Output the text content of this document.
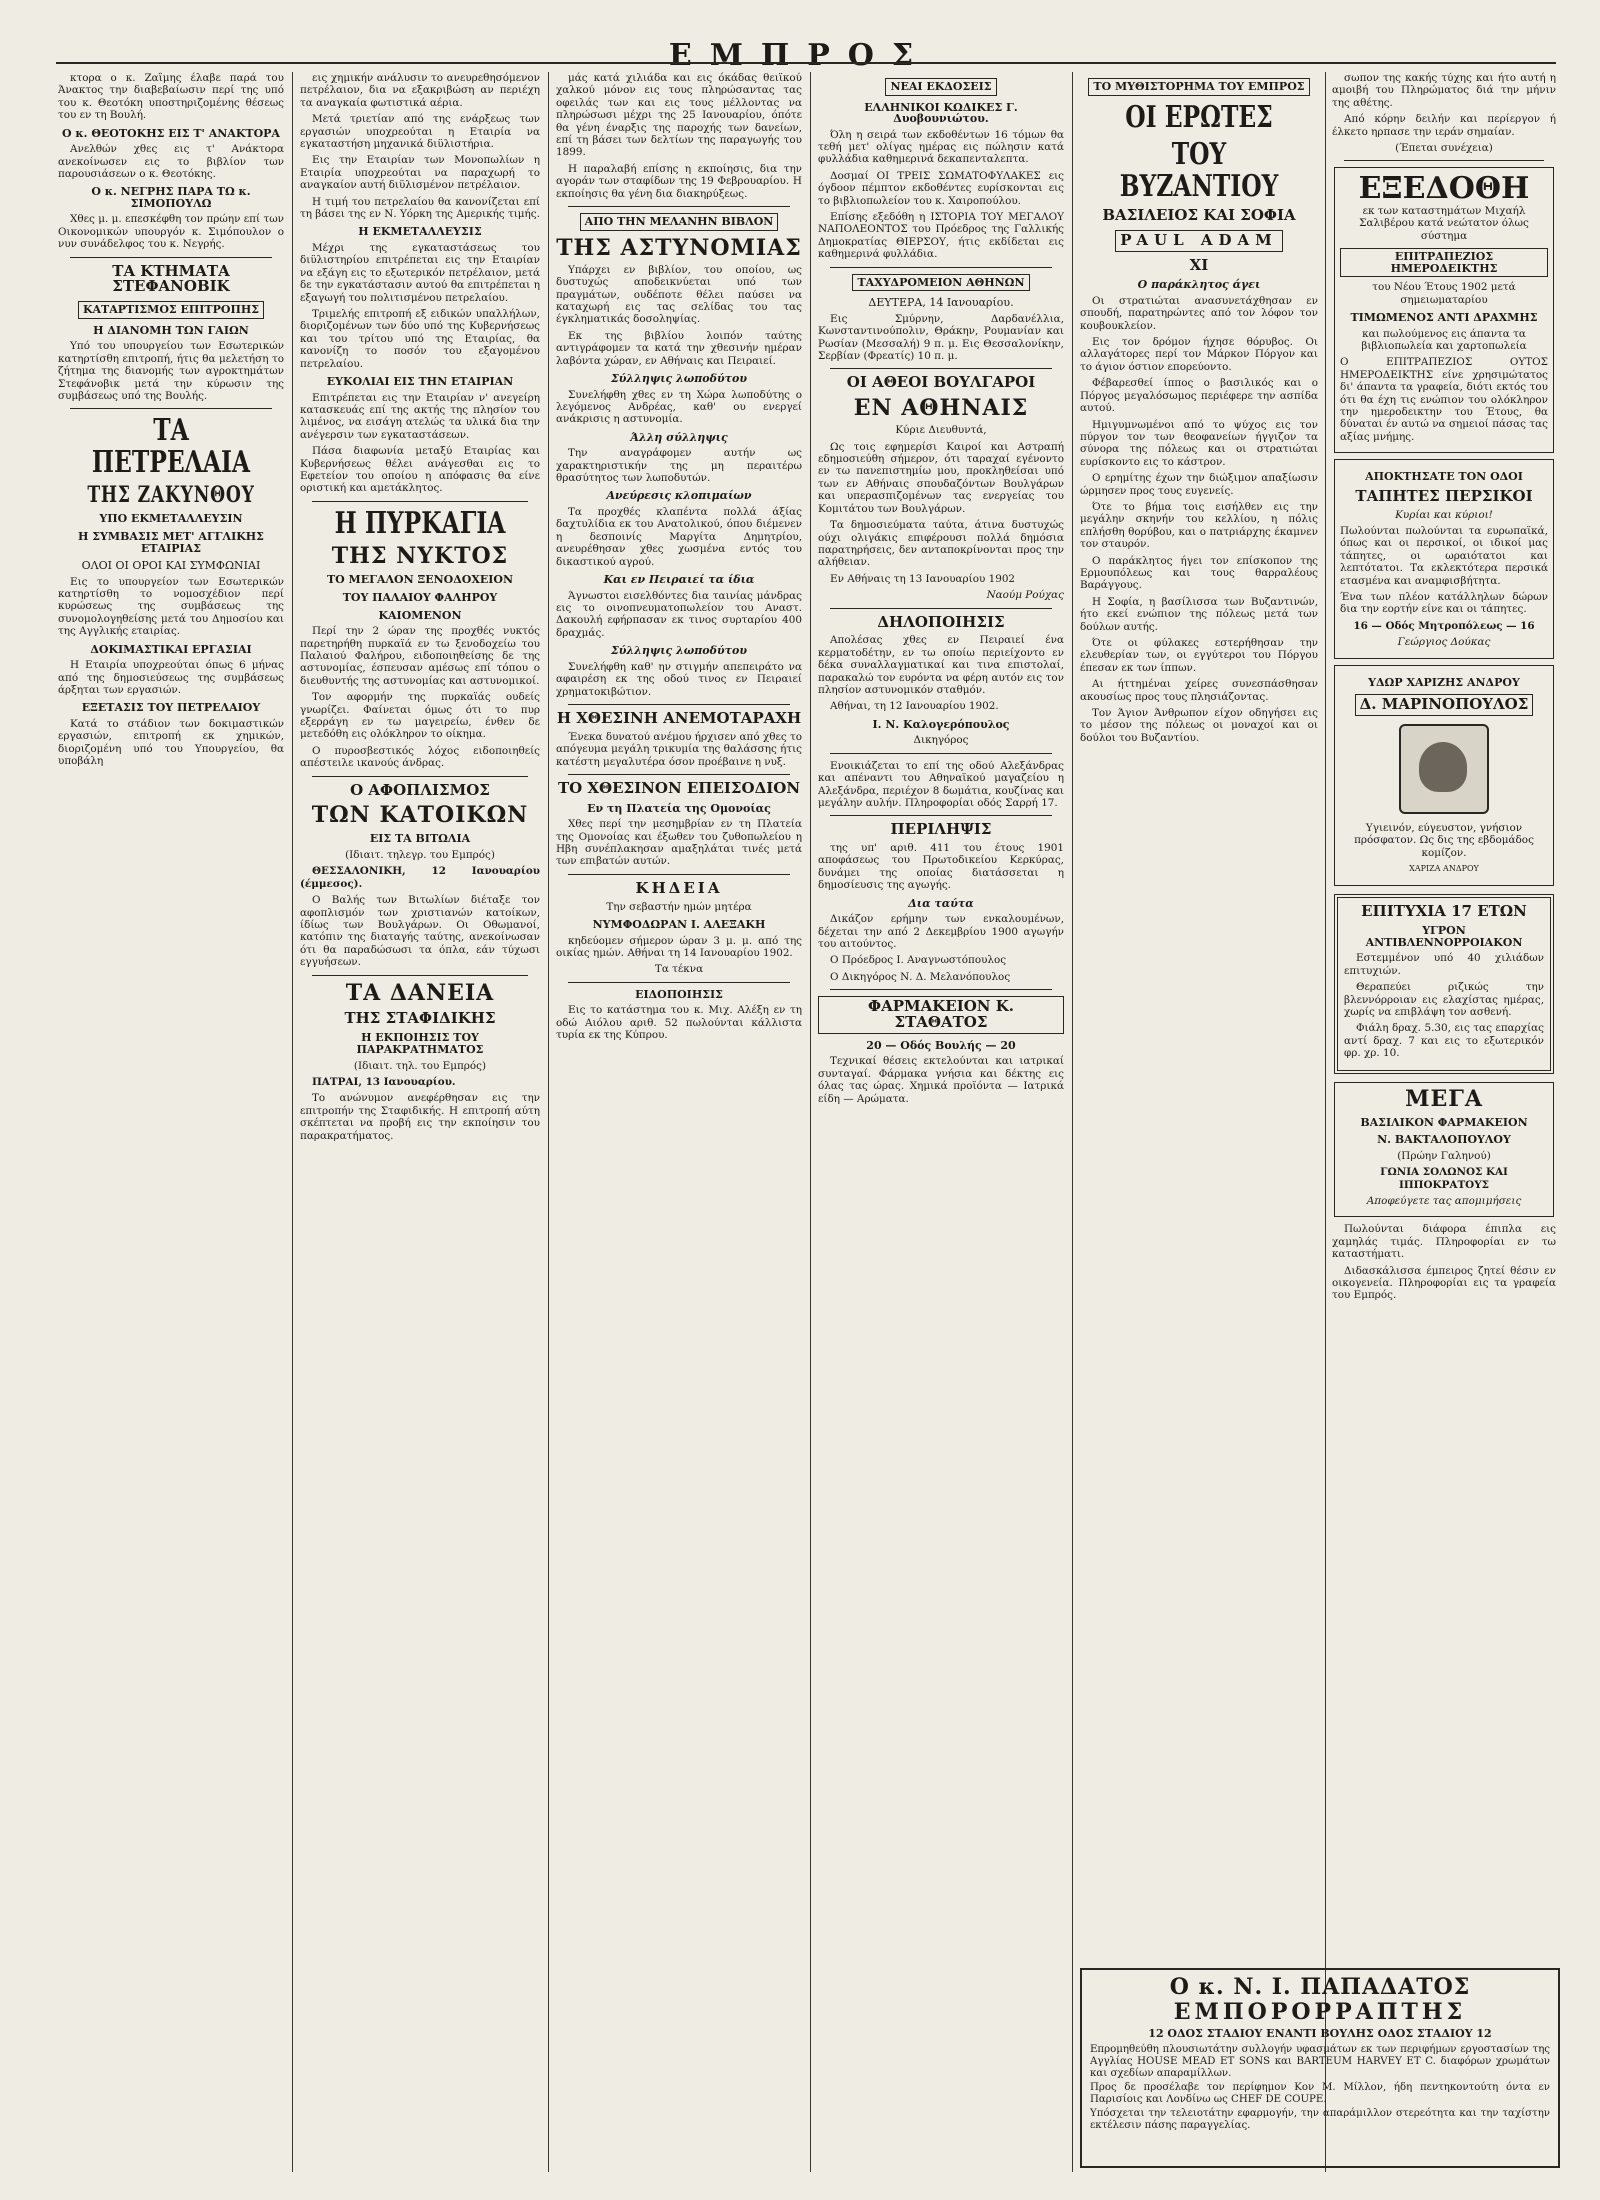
ΕΜΠΡΟΣ

κτορα ο κ. Ζαΐμης έλαβε παρά του Άνακτος την διαβεβαίωσιν περί της υπό του κ. Θεοτόκη υποστηριζομένης θέσεως του εν τη Βουλή.

Ο κ. ΘΕΟΤΟΚΗΣ ΕΙΣ Τ' ΑΝΑΚΤΟΡΑ

Ανελθών χθες εις τ' Ανάκτορα ανεκοίνωσεν εις το βιβλίον των παρουσιάσεων ο κ. Θεοτόκης.

Ο κ. ΝΕΓΡΗΣ ΠΑΡΑ ΤΩ κ. ΣΙΜΟΠΟΥΛΩ

Χθες μ. μ. επεσκέφθη τον πρώην επί των Οικονομικών υπουργόν κ. Σιμόπουλον ο νυν συνάδελφος του κ. Νεγρής.

ΤΑ ΚΤΗΜΑΤΑ ΣΤΕΦΑΝΟΒΙΚ
ΚΑΤΑΡΤΙΣΜΟΣ ΕΠΙΤΡΟΠΗΣ
Η ΔΙΑΝΟΜΗ ΤΩΝ ΓΑΙΩΝ

Υπό του υπουργείου των Εσωτερικών κατηρτίσθη επιτροπή, ήτις θα μελετήση το ζήτημα της διανομής των αγροκτημάτων Στεφάνοβικ μετά την κύρωσιν της συμβάσεως υπό της Βουλής.

ΤΑ ΠΕΤΡΕΛΑΙΑ
ΤΗΣ ΖΑΚΥΝΘΟΥ
ΥΠΟ ΕΚΜΕΤΑΛΛΕΥΣΙΝ
Η ΣΥΜΒΑΣΙΣ ΜΕΤ' ΑΓΓΛΙΚΗΣ ΕΤΑΙΡΙΑΣ
ΟΛΟΙ ΟΙ ΟΡΟΙ ΚΑΙ ΣΥΜΦΩΝΙΑΙ

Εις το υπουργείον των Εσωτερικών κατηρτίσθη το νομοσχέδιον περί κυρώσεως της συμβάσεως της συνομολογηθείσης μετά του Δημοσίου και της Αγγλικής εταιρίας.

ΔΟΚΙΜΑΣΤΙΚΑΙ ΕΡΓΑΣΙΑΙ

Η Εταιρία υποχρεούται όπως 6 μήνας από της δημοσιεύσεως της συμβάσεως άρξηται των εργασιών.

ΕΞΕΤΑΣΙΣ ΤΟΥ ΠΕΤΡΕΛΑΙΟΥ

Κατά το στάδιον των δοκιμαστικών εργασιών, επιτροπή εκ χημικών, διοριζομένη υπό του Υπουργείου, θα υποβάλη

εις χημικήν ανάλυσιν το ανευρεθησόμενον πετρέλαιον, δια να εξακριβώση αν περιέχη τα αναγκαία φωτιστικά αέρια.

Μετά τριετίαν από της ενάρξεως των εργασιών υποχρεούται η Εταιρία να εγκαταστήση μηχανικά διϋλιστήρια.

Εις την Εταιρίαν των Μονοπωλίων η Εταιρία υποχρεούται να παραχωρή το αναγκαίον αυτή διϋλισμένον πετρέλαιον.

Η τιμή του πετρελαίου θα κανονίζεται επί τη βάσει της εν Ν. Υόρκη της Αμερικής τιμής.

Η ΕΚΜΕΤΑΛΛΕΥΣΙΣ

Μέχρι της εγκαταστάσεως του διϋλιστηρίου επιτρέπεται εις την Εταιρίαν να εξάγη εις το εξωτερικόν πετρέλαιον, μετά δε την εγκατάστασιν αυτού θα επιτρέπεται η εξαγωγή του πολιτισμένου πετρελαίου.

Τριμελής επιτροπή εξ ειδικών υπαλλήλων, διοριζομένων των δύο υπό της Κυβερνήσεως και του τρίτου υπό της Εταιρίας, θα κανονίζη το ποσόν του εξαγομένου πετρελαίου.

ΕΥΚΟΛΙΑΙ ΕΙΣ ΤΗΝ ΕΤΑΙΡΙΑΝ

Επιτρέπεται εις την Εταιρίαν ν' ανεγείρη κατασκευάς επί της ακτής της πλησίον του λιμένος, να εισάγη ατελώς τα υλικά δια την ανέγερσιν των εγκαταστάσεων.

Πάσα διαφωνία μεταξύ Εταιρίας και Κυβερνήσεως θέλει ανάγεσθαι εις το Εφετείον του οποίου η απόφασις θα είνε οριστική και αμετάκλητος.

Η ΠΥΡΚΑΓΙΑ
ΤΗΣ ΝΥΚΤΟΣ
ΤΟ ΜΕΓΑΛΟΝ ΞΕΝΟΔΟΧΕΙΟΝ
ΤΟΥ ΠΑΛΑΙΟΥ ΦΑΛΗΡΟΥ
ΚΑΙΟΜΕΝΟΝ

Περί την 2 ώραν της προχθές νυκτός παρετηρήθη πυρκαϊά εν τω ξενοδοχείω του Παλαιού Φαλήρου, ειδοποιηθείσης δε της αστυνομίας, έσπευσαν αμέσως επί τόπου ο διευθυντής της αστυνομίας και αστυνομικοί.

Τον αφορμήν της πυρκαϊάς ουδείς γνωρίζει. Φαίνεται όμως ότι το πυρ εξερράγη εν τω μαγειρείω, ένθεν δε μετεδόθη εις ολόκληρον το οίκημα.

Ο πυροσβεστικός λόχος ειδοποιηθείς απέστειλε ικανούς άνδρας.

Ο ΑΦΟΠΛΙΣΜΟΣ
ΤΩΝ ΚΑΤΟΙΚΩΝ
ΕΙΣ ΤΑ ΒΙΤΩΛΙΑ

(Ιδιαιτ. τηλεγρ. του Εμπρός)

ΘΕΣΣΑΛΟΝΙΚΗ, 12 Ιανουαρίου (έμμεσος).

Ο Βαλής των Βιτωλίων διέταξε τον αφοπλισμόν των χριστιανών κατοίκων, ίδίως των Βουλγάρων. Οι Οθωμανοί, κατόπιν της διαταγής ταύτης, ανεκοίνωσαν ότι θα παραδώσωσι τα όπλα, εάν τύχωσι εγγυήσεων.

ΤΑ ΔΑΝΕΙΑ
ΤΗΣ ΣΤΑΦΙΔΙΚΗΣ
Η ΕΚΠΟΙΗΣΙΣ ΤΟΥ ΠΑΡΑΚΡΑΤΗΜΑΤΟΣ

(Ιδιαιτ. τηλ. του Εμπρός)

ΠΑΤΡΑΙ, 13 Ιανουαρίου.

Το ανώνυμον ανεφέρθησαν εις την επιτροπήν της Σταφιδικής. Η επιτροπή αύτη σκέπτεται να προβή εις την εκποίησιν του παρακρατήματος.

μάς κατά χιλιάδα και εις όκάδας θειϊκού χαλκού μόνον εις τους πληρώσαντας τας οφειλάς των και εις τους μέλλοντας να πληρώσωσι μέχρι της 25 Ιανουαρίου, όπότε θα γένη έναρξις της παροχής των δανείων, επί τη βάσει των δελτίων της παραγωγής του 1899.

Η παραλαβή επίσης η εκποίησις, δια την αγοράν των σταφίδων της 19 Φεβρουαρίου. Η εκποίησις θα γένη δια διακηρύξεως.

ΑΠΟ ΤΗΝ ΜΕΛΑΝΗΝ ΒΙΒΛΟΝ
ΤΗΣ ΑΣΤΥΝΟΜΙΑΣ

Υπάρχει εν βιβλίον, του οποίου, ως δυστυχώς αποδεικνύεται υπό των πραγμάτων, ουδέποτε θέλει παύσει να καταχωρή εις τας σελίδας του τας έγκληματικάς δοσοληψίας.

Εκ της βιβλίου λοιπόν ταύτης αντιγράφομεν τα κατά την χθεσινήν ημέραν λαβόντα χώραν, εν Αθήναις και Πειραιεί.

Σύλληψις λωποδύτου

Συνελήφθη χθες εν τη Χώρα λωποδύτης ο λεγόμενος Ανδρέας, καθ' ου ενεργεί ανάκρισις η αστυνομία.

Άλλη σύλληψις

Την αναγράφομεν αυτήν ως χαρακτηριστικήν της μη περαιτέρω θρασύτητος των λωποδυτών.

Ανεύρεσις κλοπιμαίων

Τα προχθές κλαπέντα πολλά άξίας δαχτυλίδια εκ του Ανατολικού, όπου διέμενεν η δεσποινίς Μαργίτα Δημητρίου, ανευρέθησαν χθες χωσμένα εντός του δικαστικού αγρού.

Και εν Πειραιεί τα ίδια

Άγνωστοι εισελθόντες δια ταινίας μάνδρας εις το οινοπνευματοπωλείον του Αναστ. Δακουλή εφήρπασαν εκ τινος συρταρίου 400 δραχμάς.

Σύλληψις λωποδύτου

Συνελήφθη καθ' ην στιγμήν απεπειράτο να αφαιρέση εκ της οδού τινος εν Πειραιεί χρηματοκιβώτιον.

Η ΧΘΕΣΙΝΗ ΑΝΕΜΟΤΑΡΑΧΗ

Ένεκα δυνατού ανέμου ήρχισεν από χθες το απόγευμα μεγάλη τρικυμία της θαλάσσης ήτις κατέστη μεγαλυτέρα όσον προέβαινε η νυξ.

ΤΟ ΧΘΕΣΙΝΟΝ ΕΠΕΙΣΟΔΙΟΝ
Εν τη Πλατεία της Ομονοίας

Χθες περί την μεσημβρίαν εν τη Πλατεία της Ομονοίας και έξωθεν του ζυθοπωλείου η Ηβη συνέπλακησαν αμαξηλάται τινές μετά των επιβατών αυτών.

ΚΗΔΕΙΑ

Την σεβαστήν ημών μητέρα

ΝΥΜΦΟΔΩΡΑΝ Ι. ΑΛΕΞΑΚΗ

κηδεύομεν σήμερον ώραν 3 μ. μ. από της οικίας ημών. Αθήναι τη 14 Ιανουαρίου 1902.

Τα τέκνα

ΕΙΔΟΠΟΙΗΣΙΣ

Εις το κατάστημα του κ. Μιχ. Αλέξη εν τη οδώ Αιόλου αριθ. 52 πωλούνται κάλλιστα τυρία εκ της Κύπρου.

ΝΕΑΙ ΕΚΔΟΣΕΙΣ
ΕΛΛΗΝΙΚΟΙ ΚΩΔΙΚΕΣ Γ. Δυοβουνιώτου.

Όλη η σειρά των εκδοθέντων 16 τόμων θα τεθή μετ' ολίγας ημέρας εις πώλησιν κατά φυλλάδια καθημερινά δεκαπενταλεπτα.

Δοσμαί ΟΙ ΤΡΕΙΣ ΣΩΜΑΤΟΦΥΛΑΚΕΣ εις όγδοον πέμπτον εκδοθέντες ευρίσκονται εις το βιβλιοπωλείον του κ. Χαιροπούλου.

Επίσης εξεδόθη η ΙΣΤΟΡΙΑ ΤΟΥ ΜΕΓΑΛΟΥ ΝΑΠΟΛΕΟΝΤΟΣ του Πρόεδρος της Γαλλικής Δημοκρατίας ΘΙΕΡΣΟΥ, ήτις εκδίδεται εις καθημερινά φυλλάδια.

ΤΑΧΥΔΡΟΜΕΙΟΝ ΑΘΗΝΩΝ
ΔΕΥΤΕΡΑ, 14 Ιανουαρίου.

Εις Σμύρνην, Δαρδανέλλια, Κωνσταντινούπολιν, Θράκην, Ρουμανίαν και Ρωσίαν (Μεσσαλή) 9 π. μ. Εις Θεσσαλονίκην, Σερβίαν (Φρεατίς) 10 π. μ.

ΟΙ ΑΘΕΟΙ ΒΟΥΛΓΑΡΟΙ
ΕΝ ΑΘΗΝΑΙΣ

Κύριε Διευθυντά,

Ως τοις εφημερίσι Καιροί και Αστραπή εδημοσιεύθη σήμερον, ότι ταραχαί εγένοντο εν τω πανεπιστημίω μου, προκληθείσαι υπό των εν Αθήναις σπουδαζόντων Βουλγάρων και υπερασπιζομένων τας ενεργείας του Κομιτάτου των Βουλγάρων.

Τα δημοσιεύματα ταύτα, άτινα δυστυχώς ούχι ολιγάκις επιφέρουσι πολλά δημόσια παρατηρήσεις, δεν ανταποκρίνονται προς την αλήθειαν.

Εν Αθήναις τη 13 Ιανουαρίου 1902

Ναούμ Ρούχας

ΔΗΛΟΠΟΙΗΣΙΣ

Απολέσας χθες εν Πειραιεί ένα κερματοδέτην, εν τω οποίω περιείχοντο εν δέκα συναλλαγματικαί και τινα επιστολαί, παρακαλώ τον ευρόντα να φέρη αυτόν εις τον πλησίον αστυνομικόν σταθμόν.

Αθήναι, τη 12 Ιανουαρίου 1902.

Ι. Ν. Καλογερόπουλος

Δικηγόρος

Ενοικιάζεται το επί της οδού Αλεξάνδρας και απέναντι του Αθηναϊκού μαγαζείου η Αλεξάνδρα, περιέχον 8 δωμάτια, κουζίνας και μεγάλην αυλήν. Πληροφορίαι οδός Σαρρή 17.

ΠΕΡΙΛΗΨΙΣ

της υπ' αριθ. 411 του έτους 1901 αποφάσεως του Πρωτοδικείου Κερκύρας, δυνάμει της οποίας διατάσσεται η δημοσίευσις της αγωγής.

Δια ταύτα

Δικάζον ερήμην των ενκαλουμένων, δέχεται την από 2 Δεκεμβρίου 1900 αγωγήν του αιτούντος.

Ο Πρόεδρος Ι. Αναγνωστόπουλος

Ο Δικηγόρος Ν. Δ. Μελανόπουλος

ΦΑΡΜΑΚΕΙΟΝ Κ. ΣΤΑΘΑΤΟΣ
20 — Οδός Βουλής — 20

Τεχνικαί θέσεις εκτελούνται και ιατρικαί συνταγαί. Φάρμακα γνήσια και δέκτης εις όλας τας ώρας. Χημικά προϊόντα — Ιατρικά είδη — Αρώματα.

ΤΟ ΜΥΘΙΣΤΟΡΗΜΑ ΤΟΥ ΕΜΠΡΟΣ
ΟΙ ΕΡΩΤΕΣ
ΤΟΥ ΒΥΖΑΝΤΙΟΥ
ΒΑΣΙΛΕΙΟΣ ΚΑΙ ΣΟΦΙΑ
PAUL ADAM
ΧΙ
Ο παράκλητος άγει

Οι στρατιώται ανασυνετάχθησαν εν σπουδή, παρατηρώντες από τον λόφον τον κουβουκλείον.

Εις τον δρόμον ήχησε θόρυβος. Οι αλλαγάτορες περί τον Μάρκον Πόργον και το άγιον όστιον επορεύοντο.

Φέβαρεσθεί ίππος ο βασιλικός και ο Πόργος μεγαλόσωμος περιέφερε την ασπίδα αυτού.

Ημιγυμνωμένοι από το ψύχος εις τον πύργον τον των θεοφανείων ήγγιζον τα σύνορα της πόλεως και οι στρατιώται ευρίσκοντο εις το κάστρον.

Ο ερημίτης έχων την διώξιμον απαξίωσιν ώρμησεν προς τους ευγενείς.

Ότε το βήμα τοις εισήλθεν εις την μεγάλην σκηνήν του κελλίου, η πόλις επλήσθη θορύβου, και ο πατριάρχης έκαμνεν τον σταυρόν.

Ο παράκλητος ήγει τον επίσκοπον της Ερμουπόλεως και τους θαρραλέους Βαράγγους.

Η Σοφία, η βασίλισσα των Βυζαντινών, ήτο εκεί ενώπιον της πόλεως μετά των δούλων αυτής.

Ότε οι φύλακες εστερήθησαν την ελευθερίαν των, οι εγγύτεροι του Πόργου έπεσαν εκ των ίππων.

Αι ήττημέναι χείρες συνεσπάσθησαν ακουσίως προς τους πλησιάζοντας.

Τον Άγιον Άνθρωπον είχον οδηγήσει εις το μέσον της πόλεως οι μοναχοί και οι δούλοι του Βυζαντίου.

σωπον της κακής τύχης και ήτο αυτή η αμοιβή του Πληρώματος διά την μήνιν της αθέτης.

Από κόρην δειλήν και περίεργον ή έλκετο ηρπασε την ιεράν σημαίαν.

(Έπεται συνέχεια)

ΕΞΕΔΟΘΗ

εκ των καταστημάτων Μιχαήλ Σαλιβέρου κατά νεώτατον όλως σύστημα

ΕΠΙΤΡΑΠΕΖΙΟΣ ΗΜΕΡΟΔΕΙΚΤΗΣ

του Νέου Έτους 1902 μετά σημειωματαρίου

ΤΙΜΩΜΕΝΟΣ ΑΝΤΙ ΔΡΑΧΜΗΣ

και πωλούμενος εις άπαντα τα βιβλιοπωλεία και χαρτοπωλεία

Ο ΕΠΙΤΡΑΠΕΖΙΟΣ ΟΥΤΟΣ ΗΜΕΡΟΔΕΙΚΤΗΣ είνε χρησιμώτατος δι' άπαντα τα γραφεία, διότι εκτός του ότι θα έχη τις ενώπιον του ολόκληρον την ημεροδεικτην του Έτους, θα δύναται έν αυτώ να σημειοί πάσας τας αξίας μνήμης.

ΑΠΟΚΤΗΣΑΤΕ ΤΟΝ ΟΔΟΙ
ΤΑΠΗΤΕΣ ΠΕΡΣΙΚΟΙ

Κυρίαι και κύριοι!

Πωλούνται πωλούνται τα ευρωπαϊκά, όπως και οι περσικοί, οι ιδικοί μας τάπητες, οι ωραιότατοι και λεπτότατοι. Τα εκλεκτότερα περσικά ετασμένα και αναμφισβήτητα.

Ένα των πλέον κατάλληλων δώρων δια την εορτήν είνε και οι τάπητες.

16 — Οδός Μητροπόλεως — 16

Γεώργιος Δούκας

ΥΔΩΡ ΧΑΡΙΖΗΣ ΑΝΔΡΟΥ
Δ. ΜΑΡΙΝΟΠΟΥΛΟΣ

Υγιεινόν, εύγευστον, γνήσιον πρόσφατον. Ως δις της εβδομάδος κομίζον.

ΧΑΡΙΖΑ ΑΝΔΡΟΥ

ΕΠΙΤΥΧΙΑ 17 ΕΤΩΝ
ΥΓΡΟΝ ΑΝΤΙΒΛΕΝΝΟΡΡΟΙΑΚΟΝ

Εστεμμένον υπό 40 χιλιάδων επιτυχιών.

Θεραπεύει ριζικώς την βλεννόρροιαν εις ελαχίστας ημέρας, χωρίς να επιβλάψη τον ασθενή.

Φιάλη δραχ. 5.30, εις τας επαρχίας αντί δραχ. 7 και εις το εξωτερικόν φρ. χρ. 10.

ΜΕΓΑ
ΒΑΣΙΛΙΚΟΝ ΦΑΡΜΑΚΕΙΟΝ
Ν. ΒΑΚΤΑΛΟΠΟΥΛΟΥ

(Πρώην Γαληνού)

ΓΩΝΙΑ ΣΟΛΩΝΟΣ ΚΑΙ ΙΠΠΟΚΡΑΤΟΥΣ

Αποφεύγετε τας απομιμήσεις

Πωλούνται διάφορα έπιπλα εις χαμηλάς τιμάς. Πληροφορίαι εν τω καταστήματι.

Διδασκάλισσα έμπειρος ζητεί θέσιν εν οικογενεία. Πληροφορίαι εις τα γραφεία του Εμπρός.

Ο κ. Ν. Ι. ΠΑΠΑΔΑΤΟΣ
ΕΜΠΟΡΟΡΡΑΠΤΗΣ
12 ΟΔΟΣ ΣΤΑΔΙΟΥ ΕΝΑΝΤΙ ΒΟΥΛΗΣ ΟΔΟΣ ΣΤΑΔΙΟΥ 12

Επρομηθεύθη πλουσιωτάτην συλλογήν υφασμάτων εκ των περιφήμων εργοστασίων της Αγγλίας HOUSE MEAD ET SONS και BARTEUM HARVEY ET C. διαφόρων χρωμάτων και σχεδίων απαραμίλλων.

Προς δε προσέλαβε τον περίφημον Κον Μ. Μίλλον, ήδη πεντηκοντούτη όντα εν Παρισίοις και Λονδίνω ως CHEF DE COUPE.

Υπόσχεται την τελειοτάτην εφαρμογήν, την απαράμιλλον στερεότητα και την ταχίστην εκτέλεσιν πάσης παραγγελίας.
